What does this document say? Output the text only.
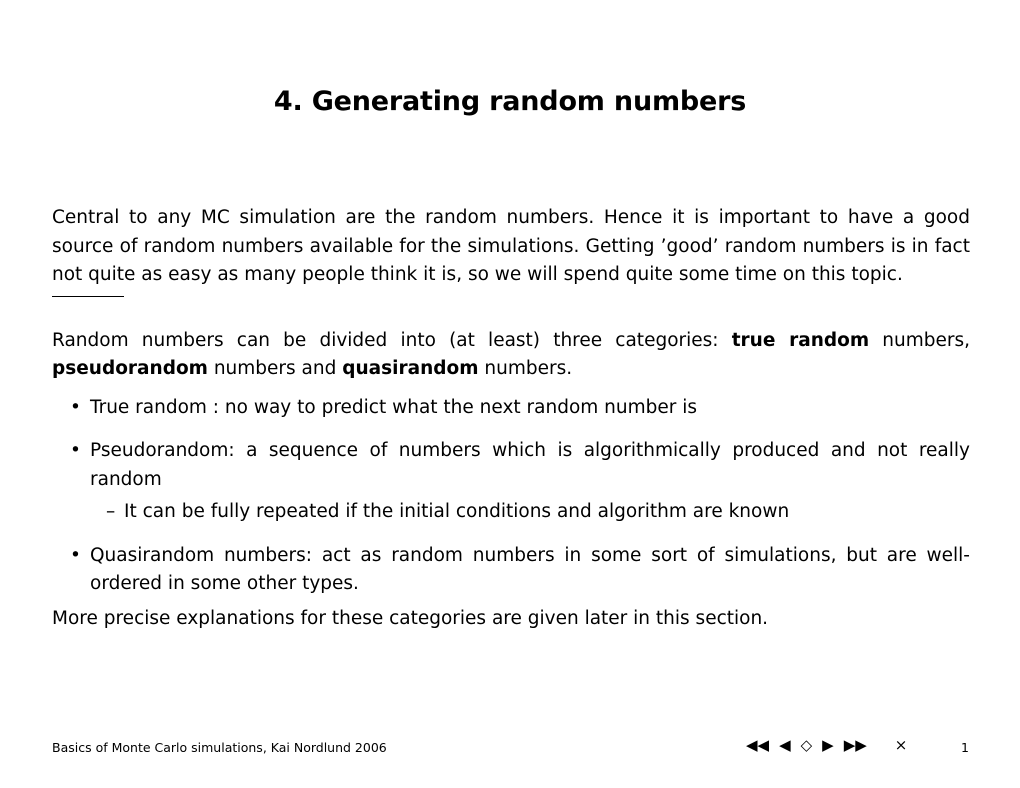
4. Generating random numbers

Central to any MC simulation are the random numbers. Hence it is important to have a good source of random numbers available for the simulations. Getting ’good’ random numbers is in fact not quite as easy as many people think it is, so we will spend quite some time on this topic.

Random numbers can be divided into (at least) three categories: true random numbers, pseudorandom numbers and quasirandom numbers.

• True random : no way to predict what the next random number is
• Pseudorandom: a sequence of numbers which is algorithmically produced and not really random
– It can be fully repeated if the initial conditions and algorithm are known
• Quasirandom numbers: act as random numbers in some sort of simulations, but are well-ordered in some other types.

More precise explanations for these categories are given later in this section.

Basics of Monte Carlo simulations, Kai Nordlund 2006	◀◀ ◀ ◇ ▶ ▶▶ ×	1
